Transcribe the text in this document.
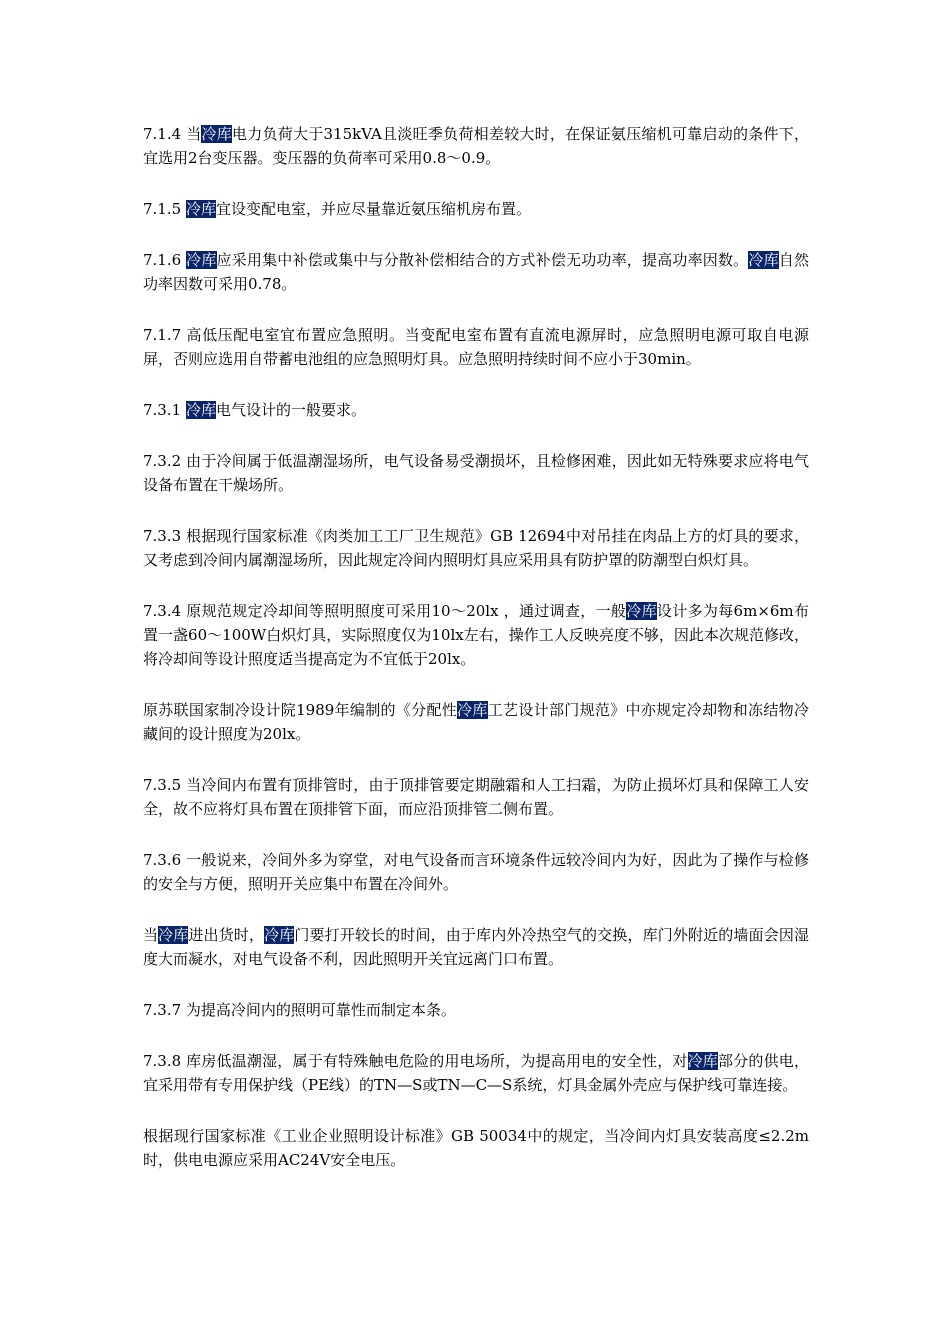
7.1.4 当冷库电力负荷大于315kVA且淡旺季负荷相差较大时，在保证氨压缩机可靠启动的条件下，宜选用2台变压器。变压器的负荷率可采用0.8～0.9。

7.1.5 冷库宜设变配电室，并应尽量靠近氨压缩机房布置。

7.1.6 冷库应采用集中补偿或集中与分散补偿相结合的方式补偿无功功率，提高功率因数。冷库自然功率因数可采用0.78。

7.1.7 高低压配电室宜布置应急照明。当变配电室布置有直流电源屏时，应急照明电源可取自电源屏，否则应选用自带蓄电池组的应急照明灯具。应急照明持续时间不应小于30min。

7.3.1 冷库电气设计的一般要求。

7.3.2 由于冷间属于低温潮湿场所，电气设备易受潮损坏，且检修困难，因此如无特殊要求应将电气设备布置在干燥场所。

7.3.3 根据现行国家标准《肉类加工工厂卫生规范》GB 12694中对吊挂在肉品上方的灯具的要求，又考虑到冷间内属潮湿场所，因此规定冷间内照明灯具应采用具有防护罩的防潮型白炽灯具。

7.3.4 原规范规定冷却间等照明照度可采用10～20lx ，通过调查，一般冷库设计多为每6m×6m布置一盏60～100W白炽灯具，实际照度仅为10lx左右，操作工人反映亮度不够，因此本次规范修改，将冷却间等设计照度适当提高定为不宜低于20lx。

原苏联国家制冷设计院1989年编制的《分配性冷库工艺设计部门规范》中亦规定冷却物和冻结物冷藏间的设计照度为20lx。

7.3.5 当冷间内布置有顶排管时，由于顶排管要定期融霜和人工扫霜，为防止损坏灯具和保障工人安全，故不应将灯具布置在顶排管下面，而应沿顶排管二侧布置。

7.3.6 一般说来，冷间外多为穿堂，对电气设备而言环境条件远较冷间内为好，因此为了操作与检修的安全与方便，照明开关应集中布置在冷间外。

当冷库进出货时，冷库门要打开较长的时间，由于库内外冷热空气的交换，库门外附近的墙面会因湿度大而凝水，对电气设备不利，因此照明开关宜远离门口布置。

7.3.7 为提高冷间内的照明可靠性而制定本条。

7.3.8 库房低温潮湿，属于有特殊触电危险的用电场所，为提高用电的安全性，对冷库部分的供电，宜采用带有专用保护线（PE线）的TN—S或TN—C—S系统，灯具金属外壳应与保护线可靠连接。

根据现行国家标准《工业企业照明设计标准》GB 50034中的规定，当冷间内灯具安装高度≤2.2m时，供电电源应采用AC24V安全电压。
